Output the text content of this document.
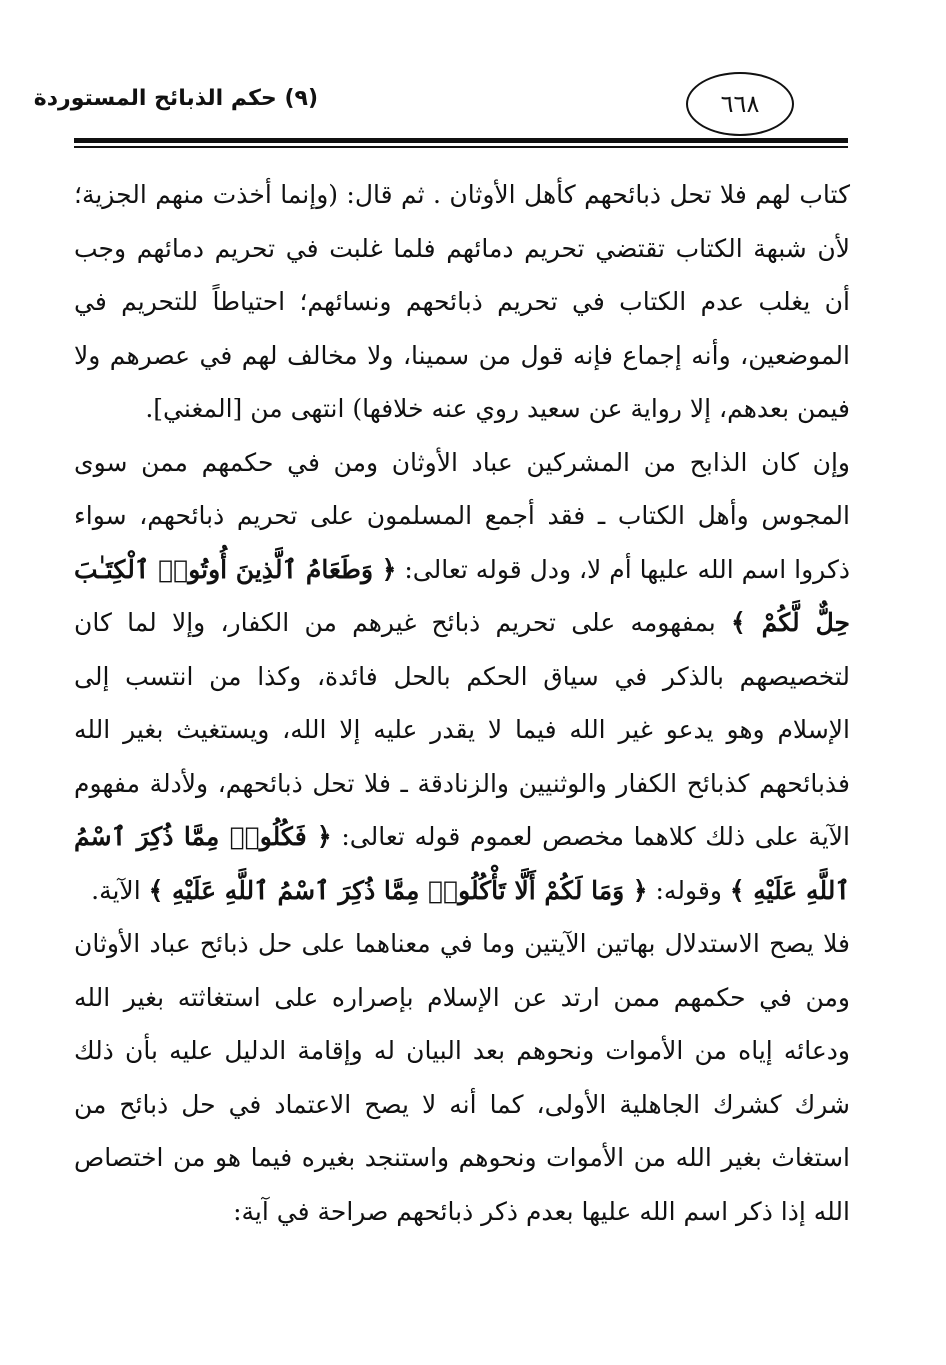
(٩) حكم الذبائح المستوردة	٦٦٨

كتاب لهم فلا تحل ذبائحهم كأهل الأوثان . ثم قال: (وإنما أخذت منهم الجزية؛ لأن شبهة الكتاب تقتضي تحريم دمائهم فلما غلبت في تحريم دمائهم وجب أن يغلب عدم الكتاب في تحريم ذبائحهم ونسائهم؛ احتياطاً للتحريم في الموضعين، وأنه إجماع فإنه قول من سمينا، ولا مخالف لهم في عصرهم ولا فيمن بعدهم، إلا رواية عن سعيد روي عنه خلافها) انتهى من [المغني].

وإن كان الذابح من المشركين عباد الأوثان ومن في حكمهم ممن سوى المجوس وأهل الكتاب ـ فقد أجمع المسلمون على تحريم ذبائحهم، سواء ذكروا اسم الله عليها أم لا، ودل قوله تعالى: ﴿ وَطَعَامُ ٱلَّذِينَ أُوتُوا۟ ٱلْكِتَـٰبَ حِلٌّ لَّكُمْ ﴾ بمفهومه على تحريم ذبائح غيرهم من الكفار، وإلا لما كان لتخصيصهم بالذكر في سياق الحكم بالحل فائدة، وكذا من انتسب إلى الإسلام وهو يدعو غير الله فيما لا يقدر عليه إلا الله، ويستغيث بغير الله فذبائحهم كذبائح الكفار والوثنيين والزنادقة ـ فلا تحل ذبائحهم، ولأدلة مفهوم الآية على ذلك كلاهما مخصص لعموم قوله تعالى: ﴿ فَكُلُوا۟ مِمَّا ذُكِرَ ٱسْمُ ٱللَّهِ عَلَيْهِ ﴾ وقوله: ﴿ وَمَا لَكُمْ أَلَّا تَأْكُلُوا۟ مِمَّا ذُكِرَ ٱسْمُ ٱللَّهِ عَلَيْهِ ﴾ الآية.

فلا يصح الاستدلال بهاتين الآيتين وما في معناهما على حل ذبائح عباد الأوثان ومن في حكمهم ممن ارتد عن الإسلام بإصراره على استغاثته بغير الله ودعائه إياه من الأموات ونحوهم بعد البيان له وإقامة الدليل عليه بأن ذلك شرك كشرك الجاهلية الأولى، كما أنه لا يصح الاعتماد في حل ذبائح من استغاث بغير الله من الأموات ونحوهم واستنجد بغيره فيما هو من اختصاص الله إذا ذكر اسم الله عليها بعدم ذكر ذبائحهم صراحة في آية:
